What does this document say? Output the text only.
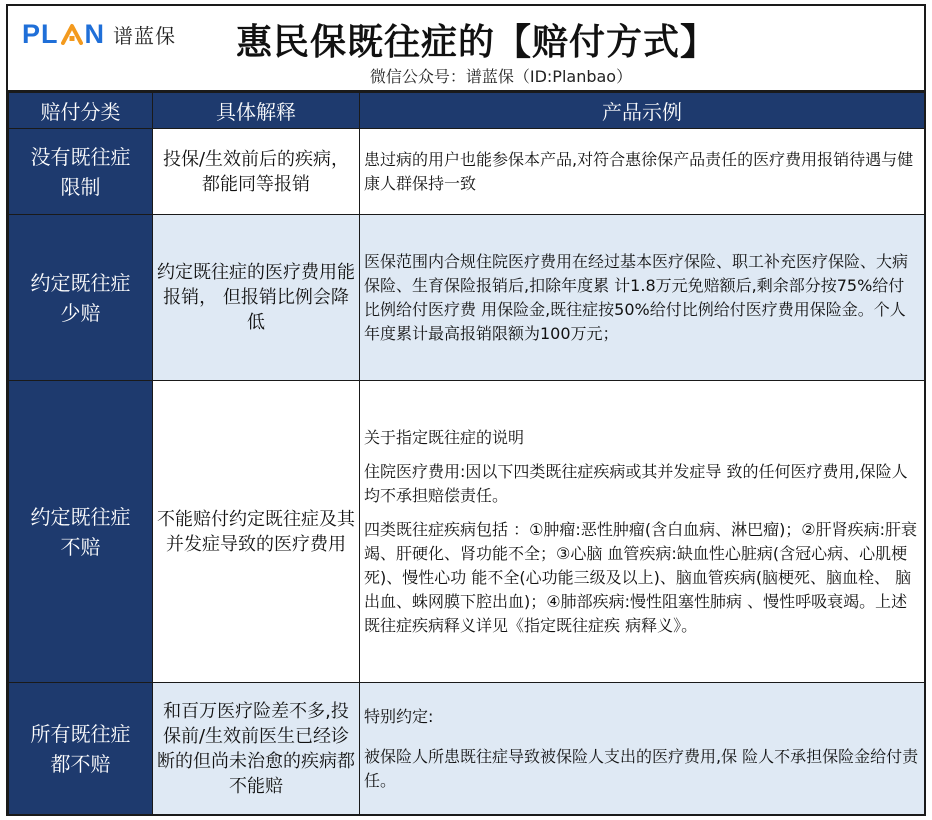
PL N 谱蓝保 惠民保既往症的【赔付方式】
微信公众号：谱蓝保（ID:Planbao）
赔付分类	具体解释	产品示例

没有既往症
限制	投保/生效前后的疾病，都能同等报销	患过病的用户也能参保本产品,对符合惠徐保产品责任的医疗费用报销待遇与健康人群保持一致

约定既往症
少赔	约定既往症的医疗费用能报销， 但报销比例会降低	医保范围内合规住院医疗费用在经过基本医疗保险、职工补充医疗保险、大病保险、生育保险报销后,扣除年度累 计1.8万元免赔额后,剩余部分按75%给付比例给付医疗费 用保险金,既往症按50%给付比例给付医疗费用保险金。个人年度累计最高报销限额为100万元；

约定既往症
不赔	不能赔付约定既往症及其并发症导致的医疗费用	关于指定既往症的说明
住院医疗费用:因以下四类既往症疾病或其并发症导 致的任何医疗费用,保险人均不承担赔偿责任。
四类既往症疾病包括 ：①肿瘤:恶性肿瘤(含白血病、淋巴瘤)；②肝肾疾病:肝衰竭、肝硬化、肾功能不全；③心脑 血管疾病:缺血性心脏病(含冠心病、心肌梗死)、慢性心功 能不全(心功能三级及以上)、脑血管疾病(脑梗死、脑血栓、 脑出血、蛛网膜下腔出血)；④肺部疾病:慢性阻塞性肺病 、慢性呼吸衰竭。上述既往症疾病释义详见《指定既往症疾 病释义》。

所有既往症
都不赔	和百万医疗险差不多,投保前/生效前医生已经诊断的但尚未治愈的疾病都不能赔	特别约定:
被保险人所患既往症导致被保险人支出的医疗费用,保 险人不承担保险金给付责任。
